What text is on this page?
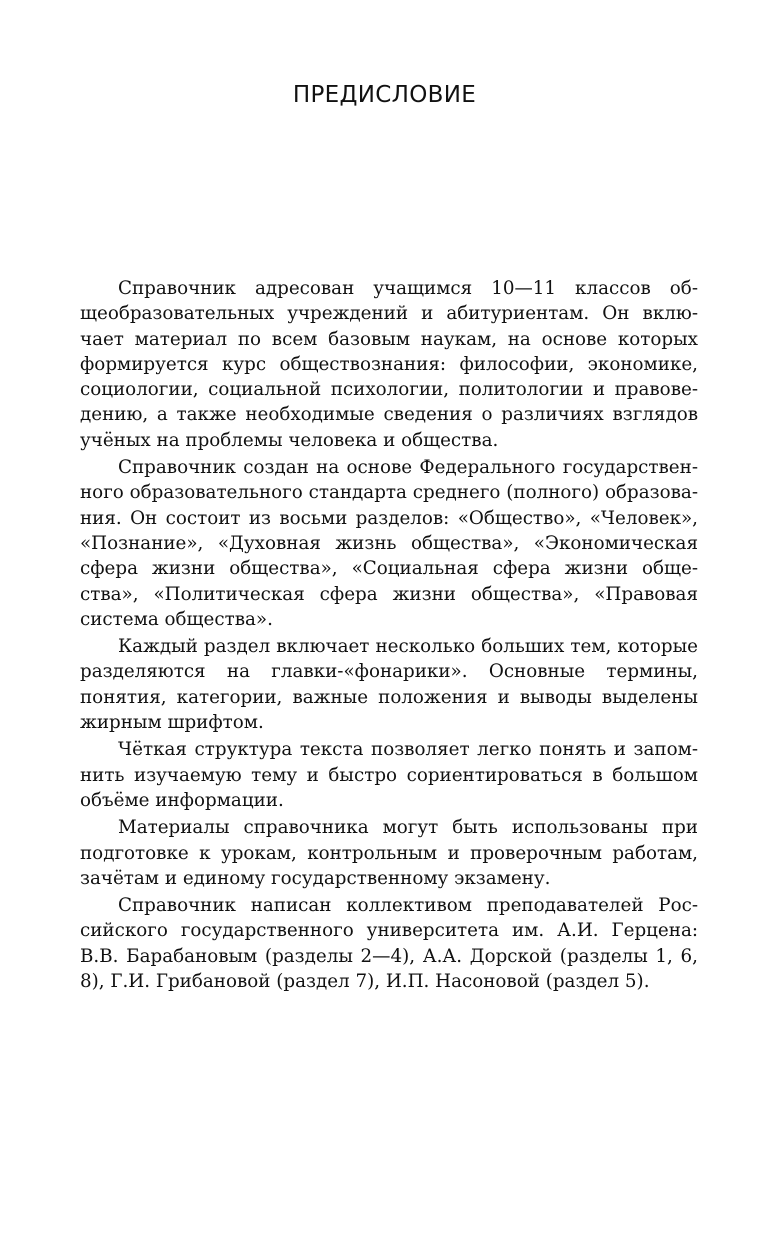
ПРЕДИСЛОВИЕ

Справочник адресован учащимся 10—11 классов общеобразовательных учреждений и абитуриентам. Он включает материал по всем базовым наукам, на основе которых формируется курс обществознания: философии, экономике, социологии, социальной психологии, политологии и правоведению, а также необходимые сведения о различиях взглядов учёных на проблемы человека и общества.

Справочник создан на основе Федерального государственного образовательного стандарта среднего (полного) образования. Он состоит из восьми разделов: «Общество», «Человек», «Познание», «Духовная жизнь общества», «Экономическая сфера жизни общества», «Социальная сфера жизни общества», «Политическая сфера жизни общества», «Правовая система общества».

Каждый раздел включает несколько больших тем, которые разделяются на главки-«фонарики». Основные термины, понятия, категории, важные положения и выводы выделены жирным шрифтом.

Чёткая структура текста позволяет легко понять и запомнить изучаемую тему и быстро сориентироваться в большом объёме информации.

Материалы справочника могут быть использованы при подготовке к урокам, контрольным и проверочным работам, зачётам и единому государственному экзамену.

Справочник написан коллективом преподавателей Российского государственного университета им. А.И. Герцена: В.В. Барабановым (разделы 2—4), А.А. Дорской (разделы 1, 6, 8), Г.И. Грибановой (раздел 7), И.П. Насоновой (раздел 5).
